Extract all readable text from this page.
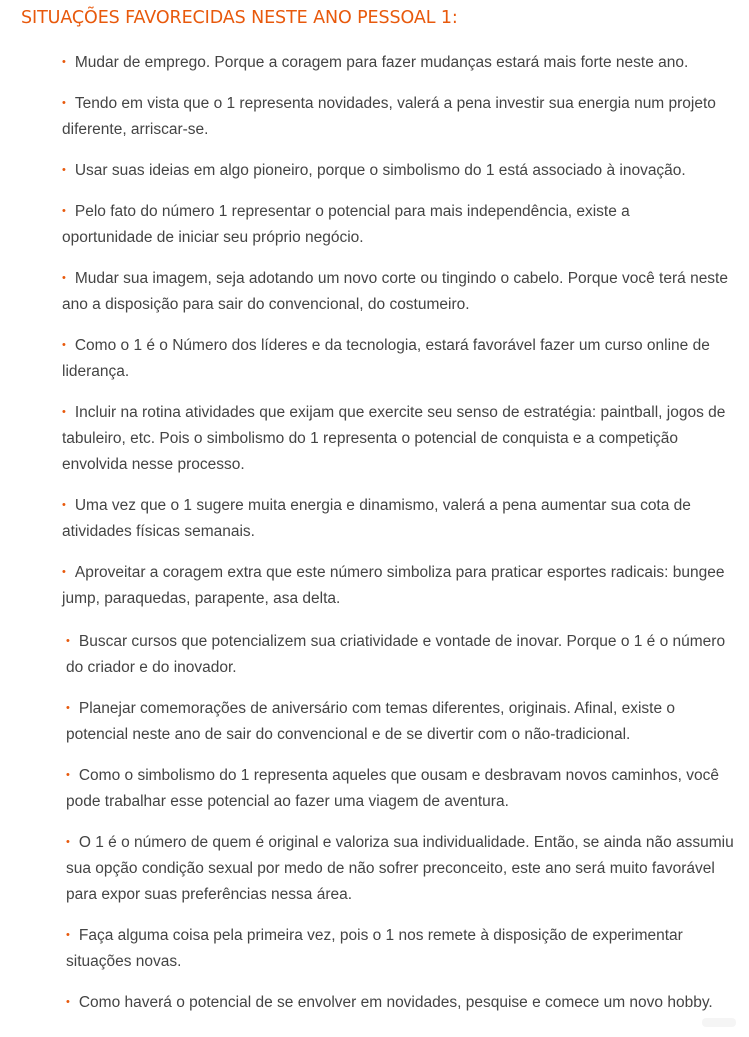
SITUAÇÕES FAVORECIDAS NESTE ANO PESSOAL 1:
• Mudar de emprego. Porque a coragem para fazer mudanças estará mais forte neste ano.
• Tendo em vista que o 1 representa novidades, valerá a pena investir sua energia num projeto diferente, arriscar-se.
• Usar suas ideias em algo pioneiro, porque o simbolismo do 1 está associado à inovação.
• Pelo fato do número 1 representar o potencial para mais independência, existe a oportunidade de iniciar seu próprio negócio.
• Mudar sua imagem, seja adotando um novo corte ou tingindo o cabelo. Porque você terá neste ano a disposição para sair do convencional, do costumeiro.
• Como o 1 é o Número dos líderes e da tecnologia, estará favorável fazer um curso online de liderança.
• Incluir na rotina atividades que exijam que exercite seu senso de estratégia: paintball, jogos de tabuleiro, etc. Pois o simbolismo do 1 representa o potencial de conquista e a competição envolvida nesse processo.
• Uma vez que o 1 sugere muita energia e dinamismo, valerá a pena aumentar sua cota de atividades físicas semanais.
• Aproveitar a coragem extra que este número simboliza para praticar esportes radicais: bungee jump, paraquedas, parapente, asa delta.
• Buscar cursos que potencializem sua criatividade e vontade de inovar. Porque o 1 é o número do criador e do inovador.
• Planejar comemorações de aniversário com temas diferentes, originais. Afinal, existe o potencial neste ano de sair do convencional e de se divertir com o não-tradicional.
• Como o simbolismo do 1 representa aqueles que ousam e desbravam novos caminhos, você pode trabalhar esse potencial ao fazer uma viagem de aventura.
• O 1 é o número de quem é original e valoriza sua individualidade. Então, se ainda não assumiu sua opção condição sexual por medo de não sofrer preconceito, este ano será muito favorável para expor suas preferências nessa área.
• Faça alguma coisa pela primeira vez, pois o 1 nos remete à disposição de experimentar situações novas.
• Como haverá o potencial de se envolver em novidades, pesquise e comece um novo hobby.
